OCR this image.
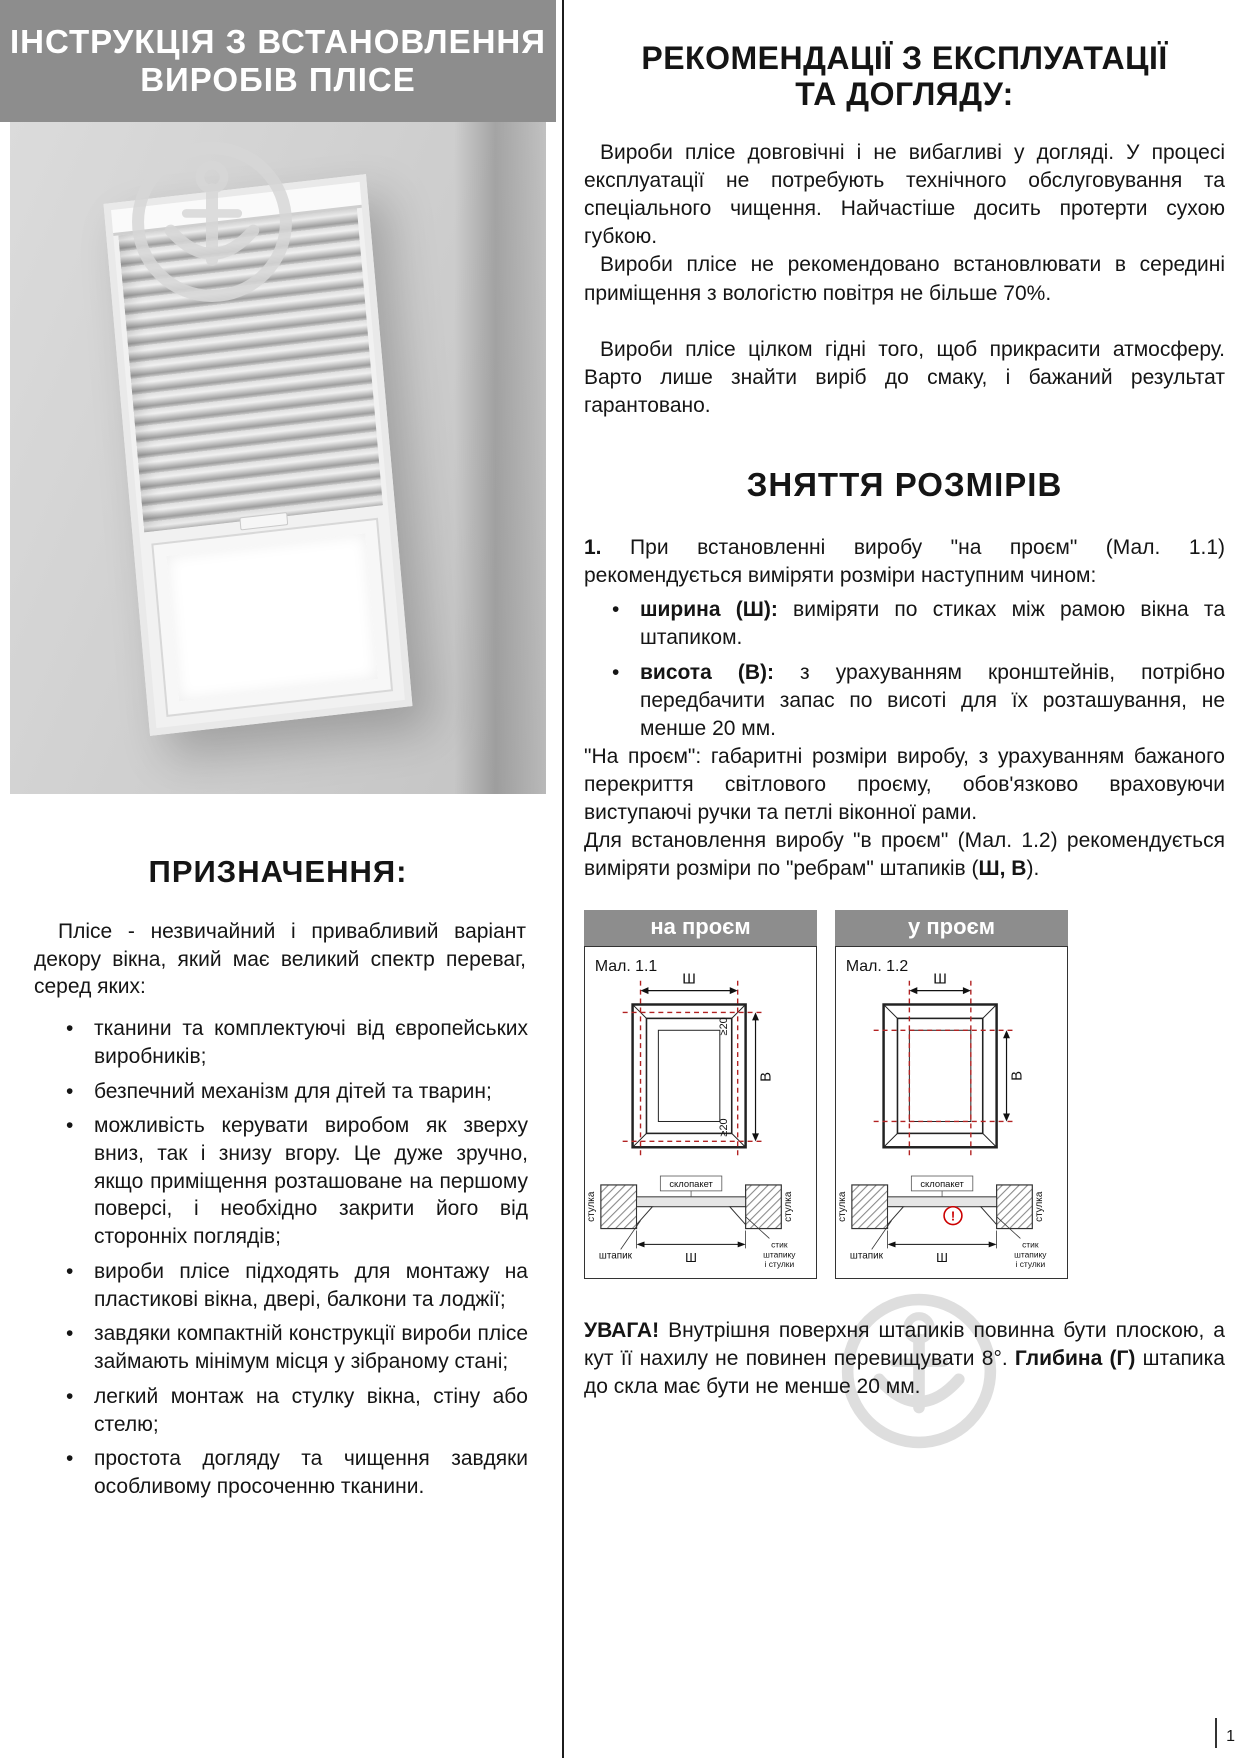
ІНСТРУКЦІЯ З ВСТАНОВЛЕННЯ
ВИРОБІВ ПЛІСЕ
ПРИЗНАЧЕННЯ:

Плісе - незвичайний і привабливий варіант декору вікна, який має великий спектр переваг, серед яких:

• тканини та комплектуючі від європейських виробників;
• безпечний механізм для дітей та тварин;
• можливість керувати виробом як зверху вниз, так і знизу вгору. Це дуже зручно, якщо приміщення розташоване на першому поверсі, і необхідно закрити його від сторонніх поглядів;
• вироби плісе підходять для монтажу на пластикові вікна, двері, балкони та лоджії;
• завдяки компактній конструкції вироби плісе займають мінімум місця у зібраному стані;
• легкий монтаж на стулку вікна, стіну або стелю;
• простота догляду та чищення завдяки особливому просоченню тканини.
РЕКОМЕНДАЦІЇ З ЕКСПЛУАТАЦІЇ
ТА ДОГЛЯДУ:

Вироби плісе довговічні і не вибагливі у догляді. У процесі експлуатації не потребують технічного обслуговування та спеціального чищення. Найчастіше досить протерти сухою губкою.

Вироби плісе не рекомендовано встановлювати в середині приміщення з вологістю повітря не більше 70%.

Вироби плісе цілком гідні того, щоб прикрасити атмосферу. Варто лише знайти виріб до смаку, і бажаний результат гарантовано.

ЗНЯТТЯ РОЗМІРІВ

1. При встановленні виробу "на проєм" (Мал. 1.1) рекомендується виміряти розміри наступним чином:

• ширина (Ш): виміряти по стиках між рамою вікна та штапиком.
• висота (В): з урахуванням кронштейнів, потрібно передбачити запас по висоті для їх розташування, не менше 20 мм.

"На проєм": габаритні розміри виробу, з урахуванням бажаного перекриття світлового проєму, обов'язково враховуючи виступаючі ручки та петлі віконної рами.

Для встановлення виробу "в проєм" (Мал. 1.2) рекомендується виміряти розміри по "ребрам" штапиків (Ш, В).

на проєм
Мал. 1.1
Ш
В
≥20
≥20
склопакет
стулка	стулка
Ш
штапик
стик
штапику
і стулки
у проєм
Мал. 1.2
Ш
В
склопакет
стулка	стулка
!
Ш
штапик
стик
штапику
і стулки

УВАГА! Внутрішня поверхня штапиків повинна бути плоскою, а кут її нахилу не повинен перевищувати 8°. Глибина (Г) штапика до скла має бути не менше 20 мм.

1
